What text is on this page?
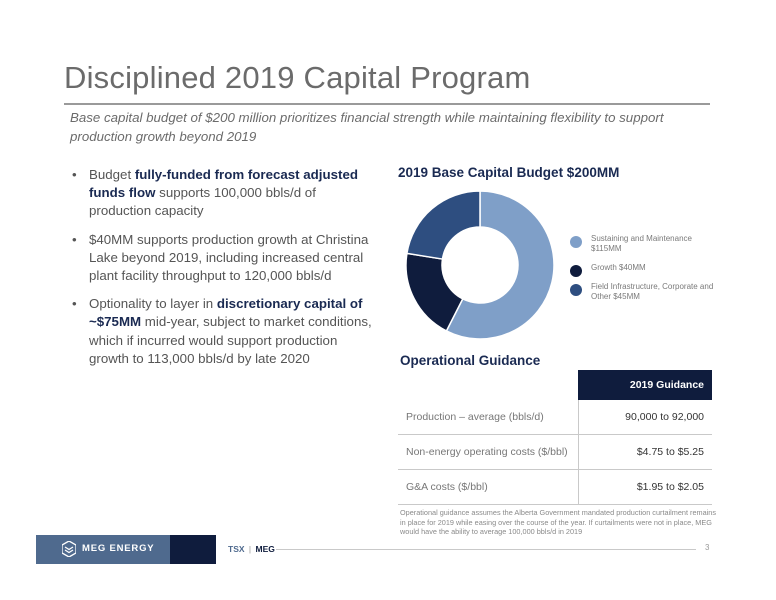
Disciplined 2019 Capital Program

Base capital budget of $200 million prioritizes financial strength while maintaining flexibility to support production growth beyond 2019

• Budget fully-funded from forecast adjusted funds flow supports 100,000 bbls/d of production capacity
• $40MM supports production growth at Christina Lake beyond 2019, including increased central plant facility throughput to 120,000 bbls/d
• Optionality to layer in discretionary capital of ~$75MM mid-year, subject to market conditions, which if incurred would support production growth to 113,000 bbls/d by late 2020
2019 Base Capital Budget $200MM
Sustaining and Maintenance $115MM
Growth $40MM
Field Infrastructure, Corporate and Other $45MM
Operational Guidance
	2019 Guidance
Production – average (bbls/d)	90,000 to 92,000
Non-energy operating costs ($/bbl)	$4.75 to $5.25
G&A costs ($/bbl)	$1.95 to $2.05

Operational guidance assumes the Alberta Government mandated production curtailment remains in place for 2019 while easing over the course of the year. If curtailments were not in place, MEG would have the ability to average 100,000 bbls/d in 2019

MEG ENERGY	TSX | MEG	3
